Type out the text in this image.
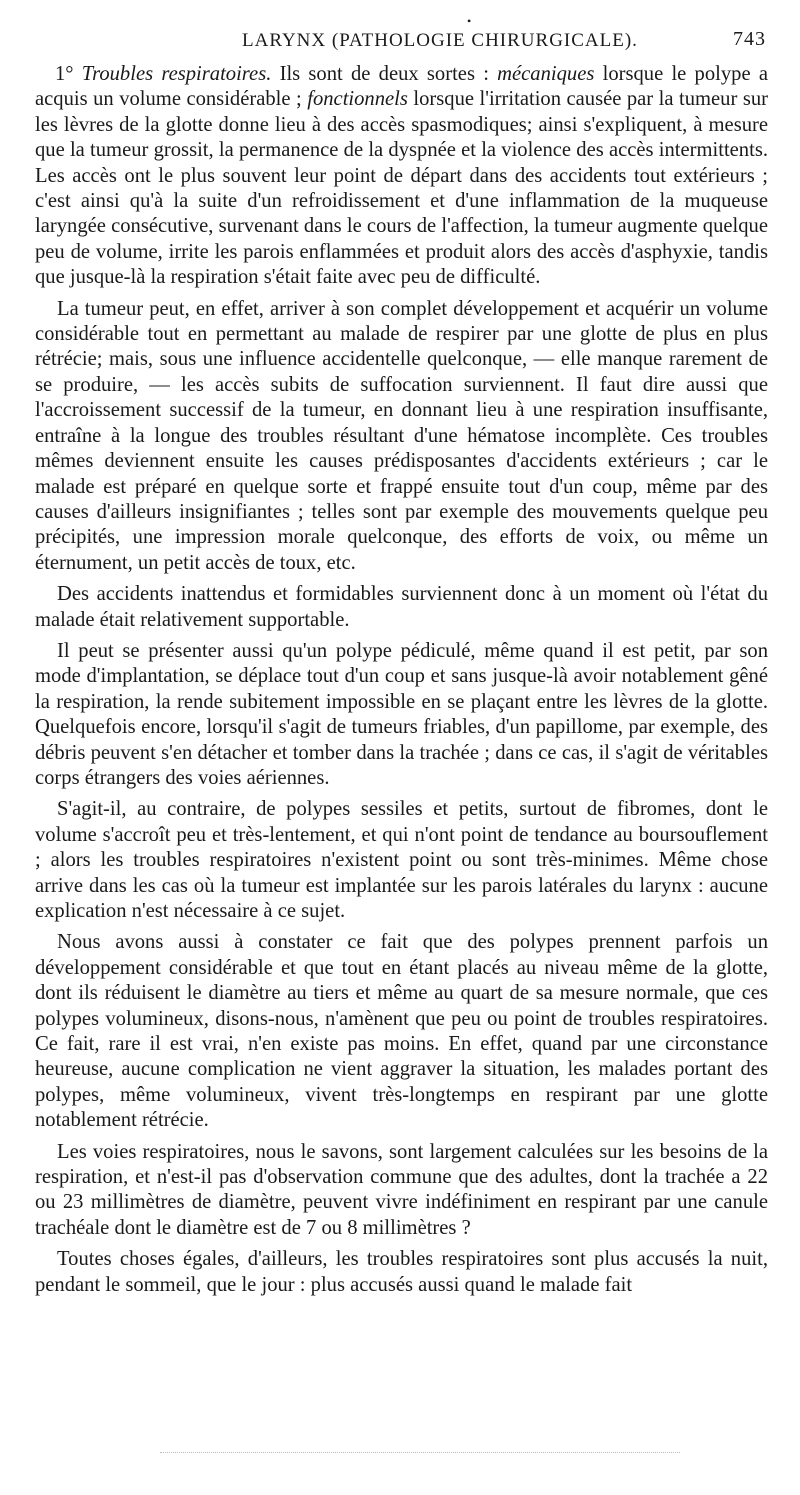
•
LARYNX (PATHOLOGIE CHIRURGICALE).	743

1° Troubles respiratoires. Ils sont de deux sortes : mécaniques lorsque le polype a acquis un volume considérable ; fonctionnels lorsque l'irritation causée par la tumeur sur les lèvres de la glotte donne lieu à des accès spasmodiques; ainsi s'expliquent, à mesure que la tumeur grossit, la permanence de la dyspnée et la violence des accès intermittents. Les accès ont le plus souvent leur point de départ dans des accidents tout extérieurs ; c'est ainsi qu'à la suite d'un refroidissement et d'une inflammation de la muqueuse laryngée consécutive, survenant dans le cours de l'affection, la tumeur augmente quelque peu de volume, irrite les parois enflammées et produit alors des accès d'asphyxie, tandis que jusque-là la respiration s'était faite avec peu de difficulté.

La tumeur peut, en effet, arriver à son complet développement et acquérir un volume considérable tout en permettant au malade de respirer par une glotte de plus en plus rétrécie; mais, sous une influence accidentelle quelconque, — elle manque rarement de se produire, — les accès subits de suffocation surviennent. Il faut dire aussi que l'accroissement successif de la tumeur, en donnant lieu à une respiration insuffisante, entraîne à la longue des troubles résultant d'une hématose incomplète. Ces troubles mêmes deviennent ensuite les causes prédisposantes d'accidents extérieurs ; car le malade est préparé en quelque sorte et frappé ensuite tout d'un coup, même par des causes d'ailleurs insignifiantes ; telles sont par exemple des mouvements quelque peu précipités, une impression morale quelconque, des efforts de voix, ou même un éternument, un petit accès de toux, etc.

Des accidents inattendus et formidables surviennent donc à un moment où l'état du malade était relativement supportable.

Il peut se présenter aussi qu'un polype pédiculé, même quand il est petit, par son mode d'implantation, se déplace tout d'un coup et sans jusque-là avoir notablement gêné la respiration, la rende subitement impossible en se plaçant entre les lèvres de la glotte. Quelquefois encore, lorsqu'il s'agit de tumeurs friables, d'un papillome, par exemple, des débris peuvent s'en détacher et tomber dans la trachée ; dans ce cas, il s'agit de véritables corps étrangers des voies aériennes.

S'agit-il, au contraire, de polypes sessiles et petits, surtout de fibromes, dont le volume s'accroît peu et très-lentement, et qui n'ont point de tendance au boursouflement ; alors les troubles respiratoires n'existent point ou sont très-minimes. Même chose arrive dans les cas où la tumeur est implantée sur les parois latérales du larynx : aucune explication n'est nécessaire à ce sujet.

Nous avons aussi à constater ce fait que des polypes prennent parfois un développement considérable et que tout en étant placés au niveau même de la glotte, dont ils réduisent le diamètre au tiers et même au quart de sa mesure normale, que ces polypes volumineux, disons-nous, n'amènent que peu ou point de troubles respiratoires. Ce fait, rare il est vrai, n'en existe pas moins. En effet, quand par une circonstance heureuse, aucune complication ne vient aggraver la situation, les malades portant des polypes, même volumineux, vivent très-longtemps en respirant par une glotte notablement rétrécie.

Les voies respiratoires, nous le savons, sont largement calculées sur les besoins de la respiration, et n'est-il pas d'observation commune que des adultes, dont la trachée a 22 ou 23 millimètres de diamètre, peuvent vivre indéfiniment en respirant par une canule trachéale dont le diamètre est de 7 ou 8 millimètres ?

Toutes choses égales, d'ailleurs, les troubles respiratoires sont plus accusés la nuit, pendant le sommeil, que le jour : plus accusés aussi quand le malade fait
